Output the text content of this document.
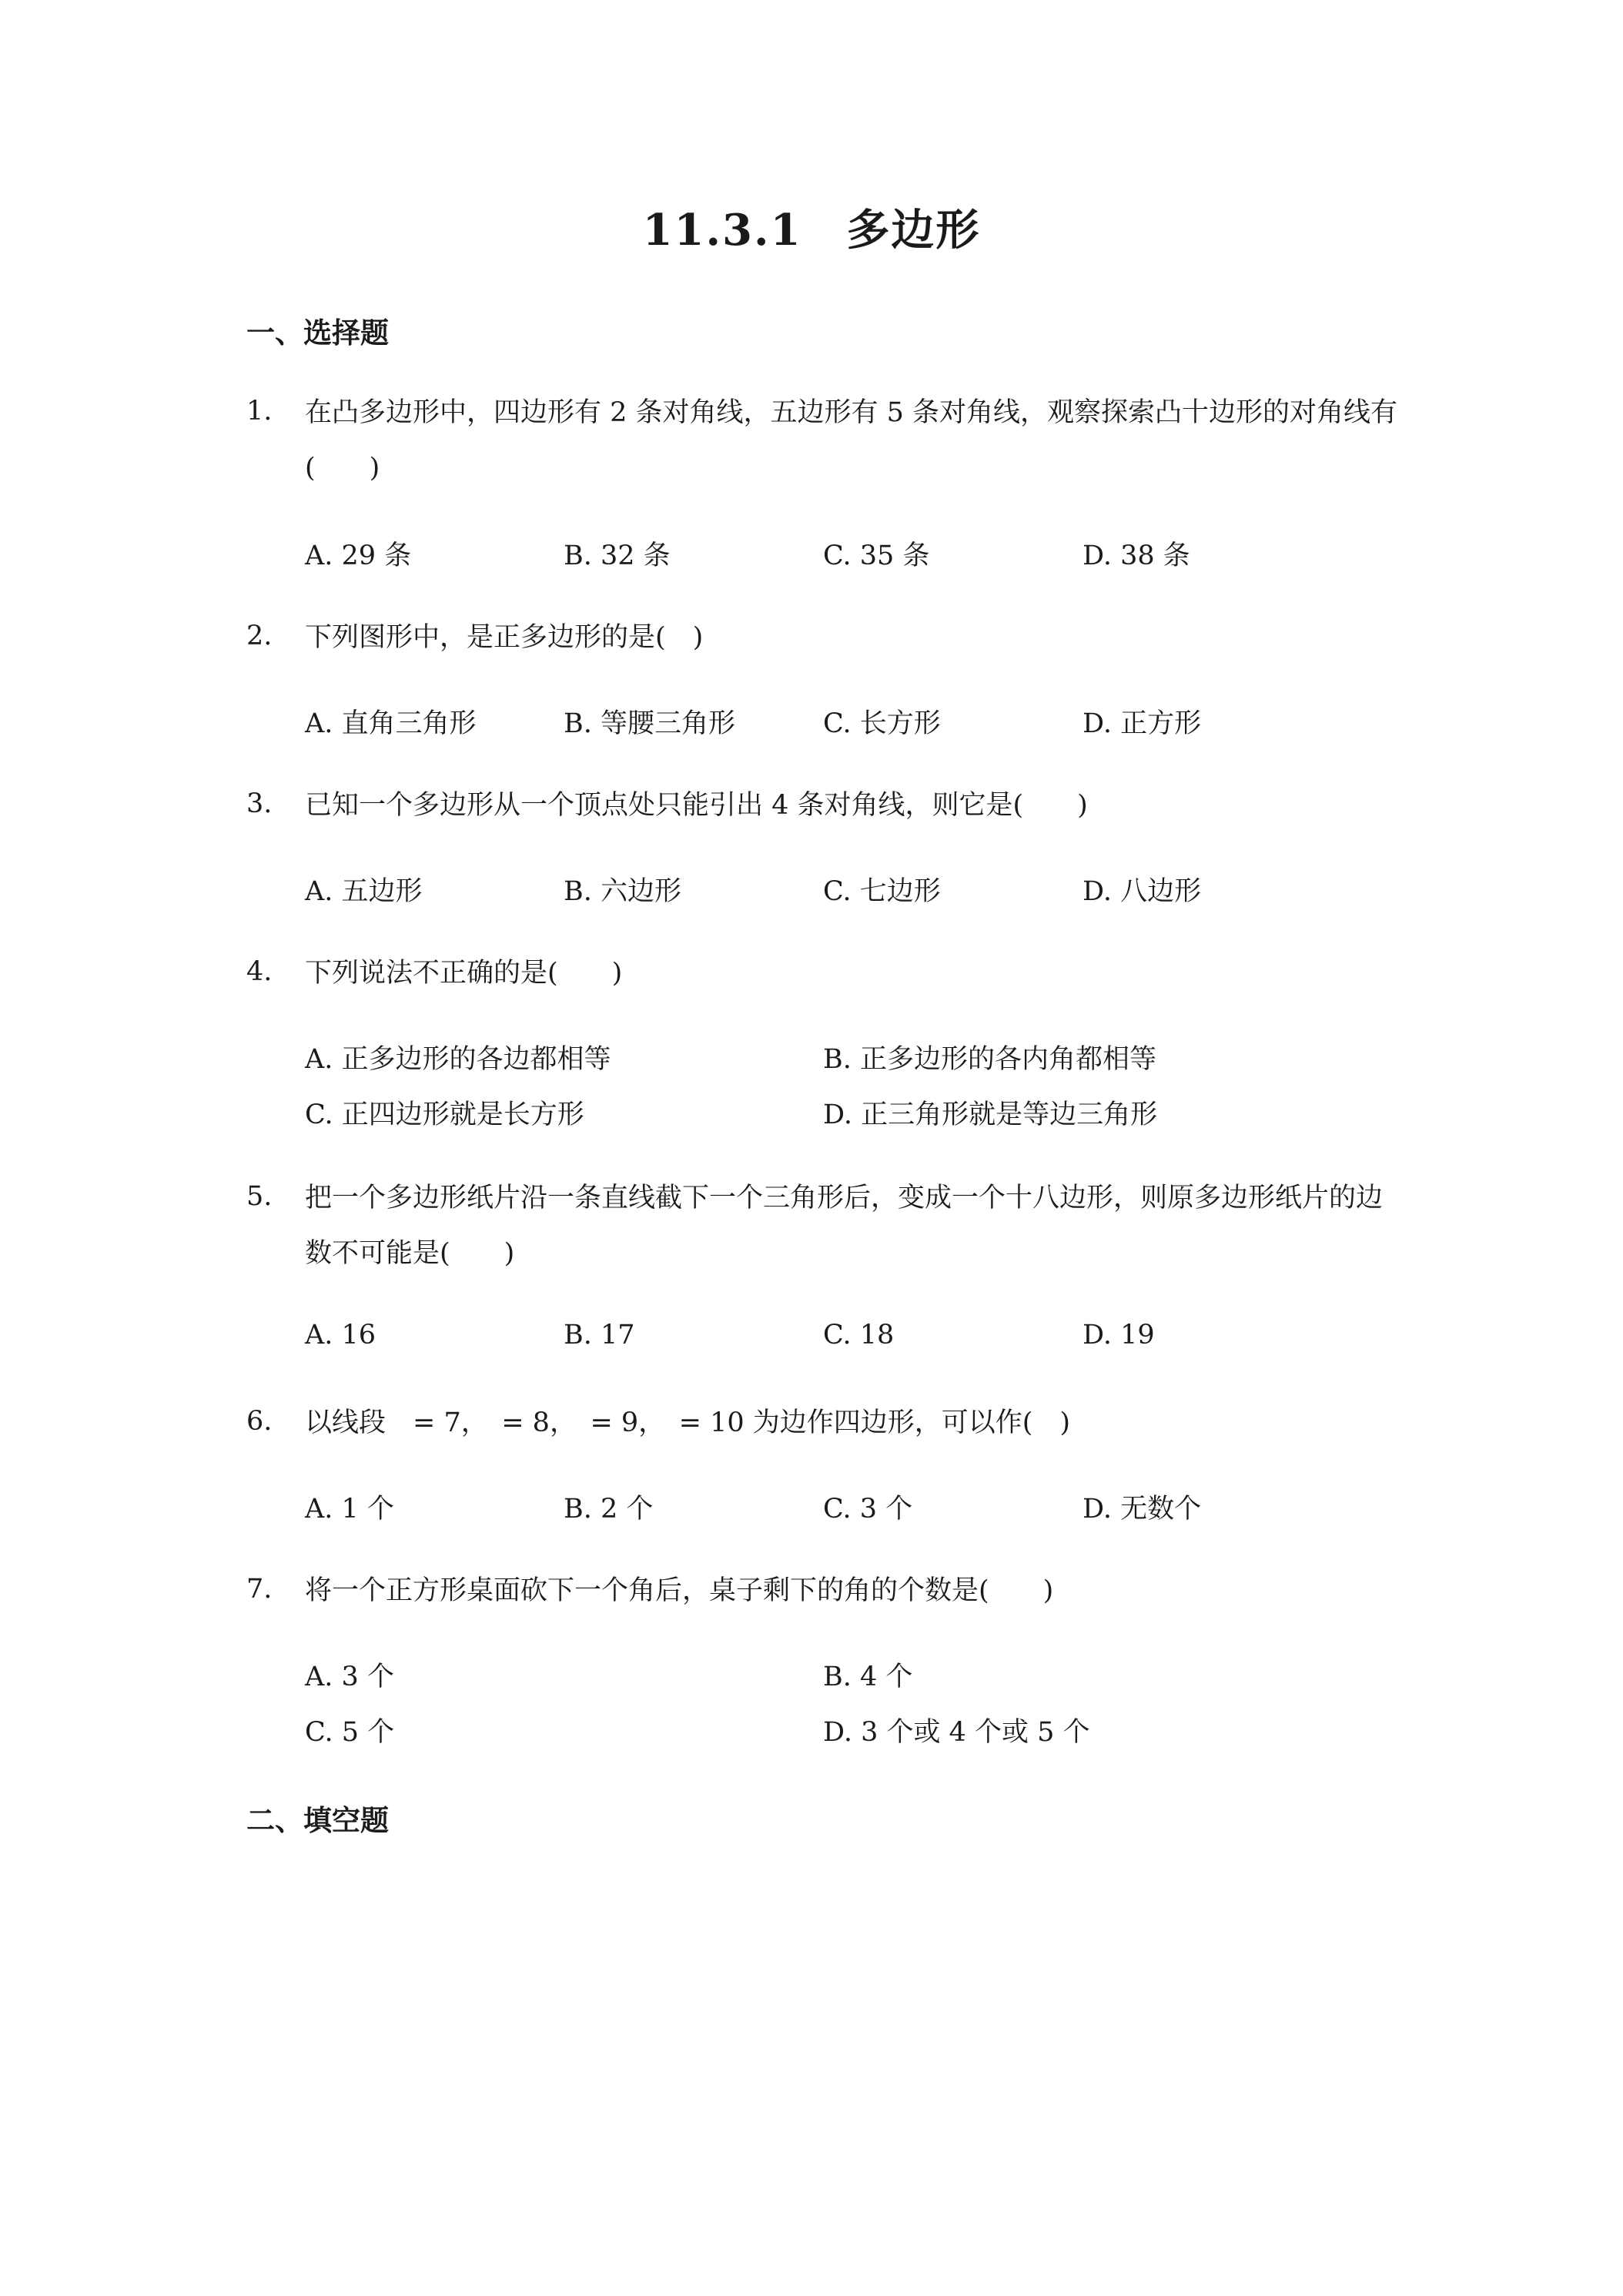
11.3.1　多边形
一、选择题
1. 在凸多边形中，四边形有 2 条对角线，五边形有 5 条对角线，观察探索凸十边形的对角线有(　　)
A. 29 条	B. 32 条	C. 35 条	D. 38 条
2. 下列图形中，是正多边形的是(　)
A. 直角三角形	B. 等腰三角形	C. 长方形	D. 正方形
3. 已知一个多边形从一个顶点处只能引出 4 条对角线，则它是(　　)
A. 五边形	B. 六边形	C. 七边形	D. 八边形
4. 下列说法不正确的是(　　)
A. 正多边形的各边都相等	B. 正多边形的各内角都相等
C. 正四边形就是长方形	D. 正三角形就是等边三角形
5. 把一个多边形纸片沿一条直线截下一个三角形后，变成一个十八边形，则原多边形纸片的边数不可能是(　　)
A. 16	B. 17	C. 18	D. 19
6. 以线段　= 7，　= 8，　= 9，　= 10 为边作四边形，可以作(　)
A. 1 个	B. 2 个	C. 3 个	D. 无数个
7. 将一个正方形桌面砍下一个角后，桌子剩下的角的个数是(　　)
A. 3 个	B. 4 个
C. 5 个	D. 3 个或 4 个或 5 个
二、填空题
